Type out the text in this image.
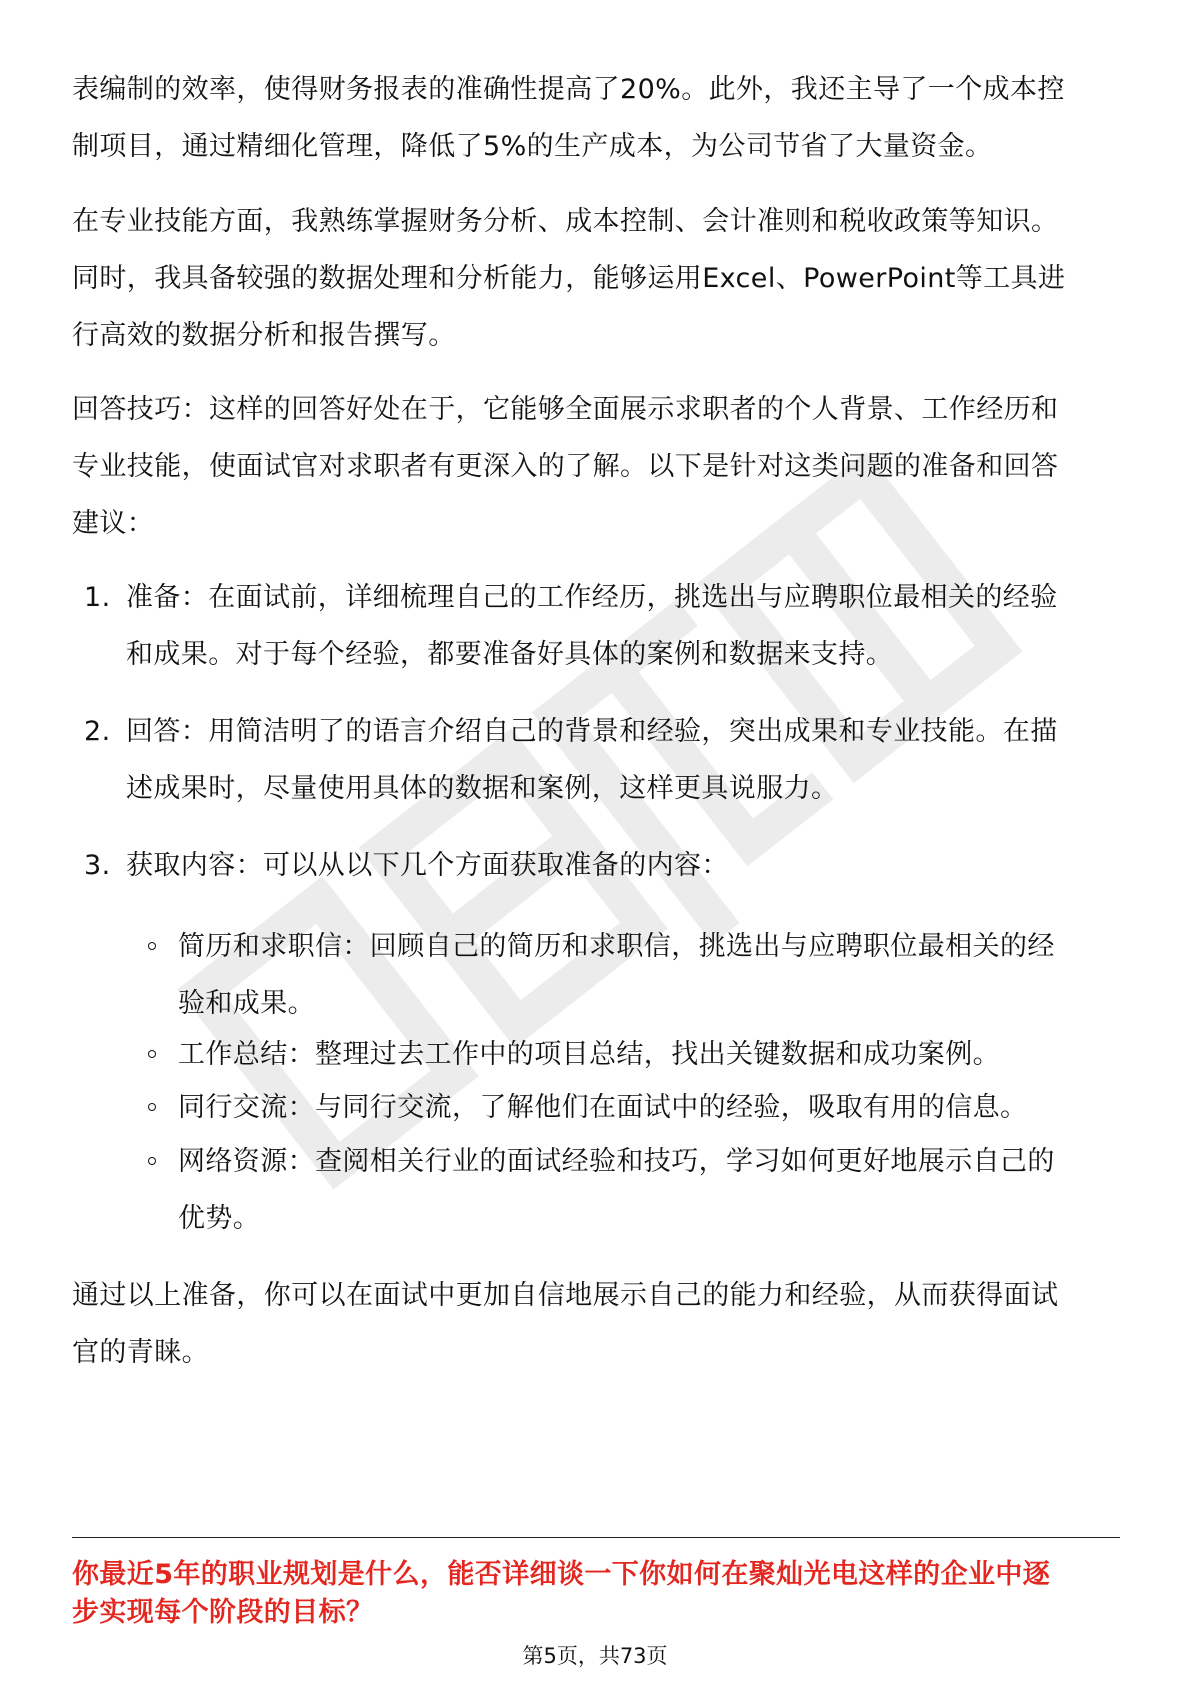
表编制的效率，使得财务报表的准确性提高了20%。此外，我还主导了一个成本控
制项目，通过精细化管理，降低了5%的生产成本，为公司节省了大量资金。

在专业技能方面，我熟练掌握财务分析、成本控制、会计准则和税收政策等知识。
同时，我具备较强的数据处理和分析能力，能够运用Excel、PowerPoint等工具进
行高效的数据分析和报告撰写。

回答技巧：这样的回答好处在于，它能够全面展示求职者的个人背景、工作经历和
专业技能，使面试官对求职者有更深入的了解。以下是针对这类问题的准备和回答
建议：

1. 准备：在面试前，详细梳理自己的工作经历，挑选出与应聘职位最相关的经验
和成果。对于每个经验，都要准备好具体的案例和数据来支持。
2. 回答：用简洁明了的语言介绍自己的背景和经验，突出成果和专业技能。在描
述成果时，尽量使用具体的数据和案例，这样更具说服力。
3. 获取内容：可以从以下几个方面获取准备的内容：
简历和求职信：回顾自己的简历和求职信，挑选出与应聘职位最相关的经
验和成果。
工作总结：整理过去工作中的项目总结，找出关键数据和成功案例。
同行交流：与同行交流，了解他们在面试中的经验，吸取有用的信息。
网络资源：查阅相关行业的面试经验和技巧，学习如何更好地展示自己的
优势。

通过以上准备，你可以在面试中更加自信地展示自己的能力和经验，从而获得面试
官的青睐。

你最近5年的职业规划是什么，能否详细谈一下你如何在聚灿光电这样的企业中逐
步实现每个阶段的目标？
第5页，共73页
